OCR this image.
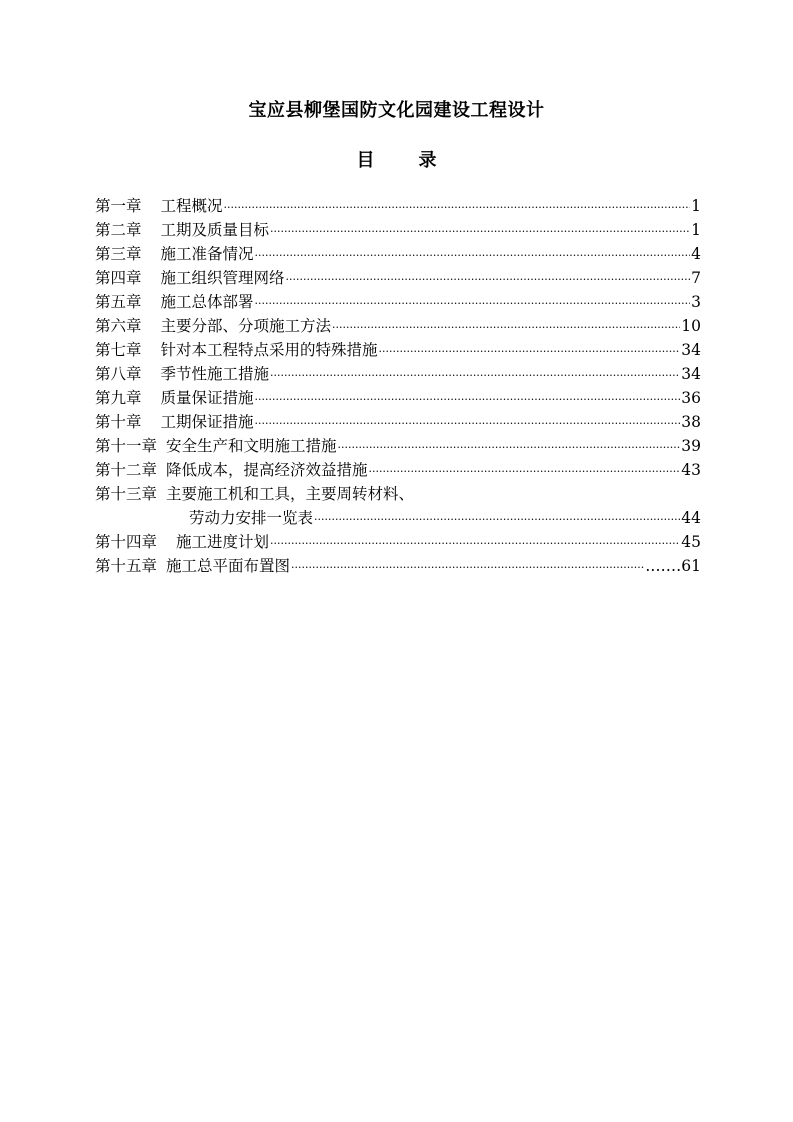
宝应县柳堡国防文化园建设工程设计
目 录
第一章 工程概况 ·····	1
第二章 工期及质量目标 ·····	1
第三章 施工准备情况 ·····	4
第四章 施工组织管理网络 ·····	7
第五章 施工总体部署 ·····	3
第六章 主要分部、分项施工方法 ·····	10
第七章 针对本工程特点采用的特殊措施 ·····	34
第八章 季节性施工措施 ·····	34
第九章 质量保证措施 ·····	36
第十章 工期保证措施 ·····	38
第十一章 安全生产和文明施工措施 ·····	39
第十二章 降低成本，提高经济效益措施 ·····	43
第十三章 主要施工机和工具，主要周转材料、
劳动力安排一览表 ·····	44
第十四章 施工进度计划 ·····	45
第十五章 施工总平面布置图 ·····	.……61
